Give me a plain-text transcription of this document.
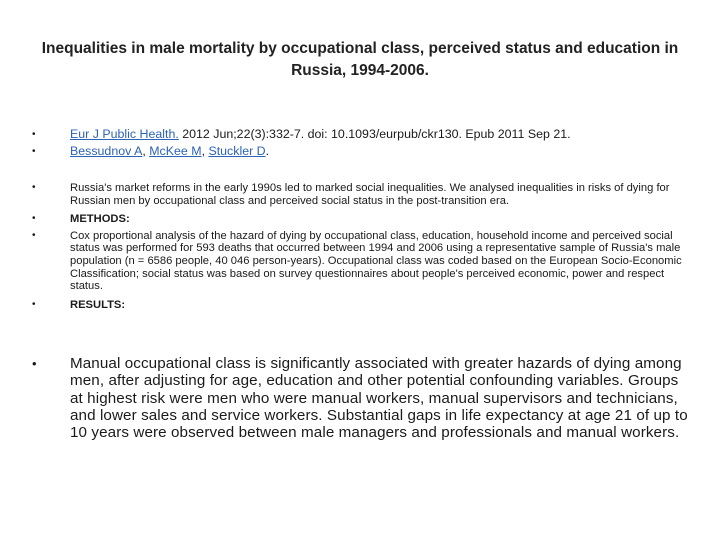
Inequalities in male mortality by occupational class, perceived status and education in Russia, 1994-2006.
•	Eur J Public Health. 2012 Jun;22(3):332-7. doi: 10.1093/eurpub/ckr130. Epub 2011 Sep 21.
•	Bessudnov A, McKee M, Stuckler D.
•	Russia's market reforms in the early 1990s led to marked social inequalities. We analysed inequalities in risks of dying for Russian men by occupational class and perceived social status in the post-transition era.
•	METHODS:
•	Cox proportional analysis of the hazard of dying by occupational class, education, household income and perceived social status was performed for 593 deaths that occurred between 1994 and 2006 using a representative sample of Russia's male population (n = 6586 people, 40 046 person-years). Occupational class was coded based on the European Socio-Economic Classification; social status was based on survey questionnaires about people's perceived economic, power and respect status.
•	RESULTS:
• Manual occupational class is significantly associated with greater hazards of dying among men, after adjusting for age, education and other potential confounding variables. Groups at highest risk were men who were manual workers, manual supervisors and technicians, and lower sales and service workers. Substantial gaps in life expectancy at age 21 of up to 10 years were observed between male managers and professionals and manual workers.
